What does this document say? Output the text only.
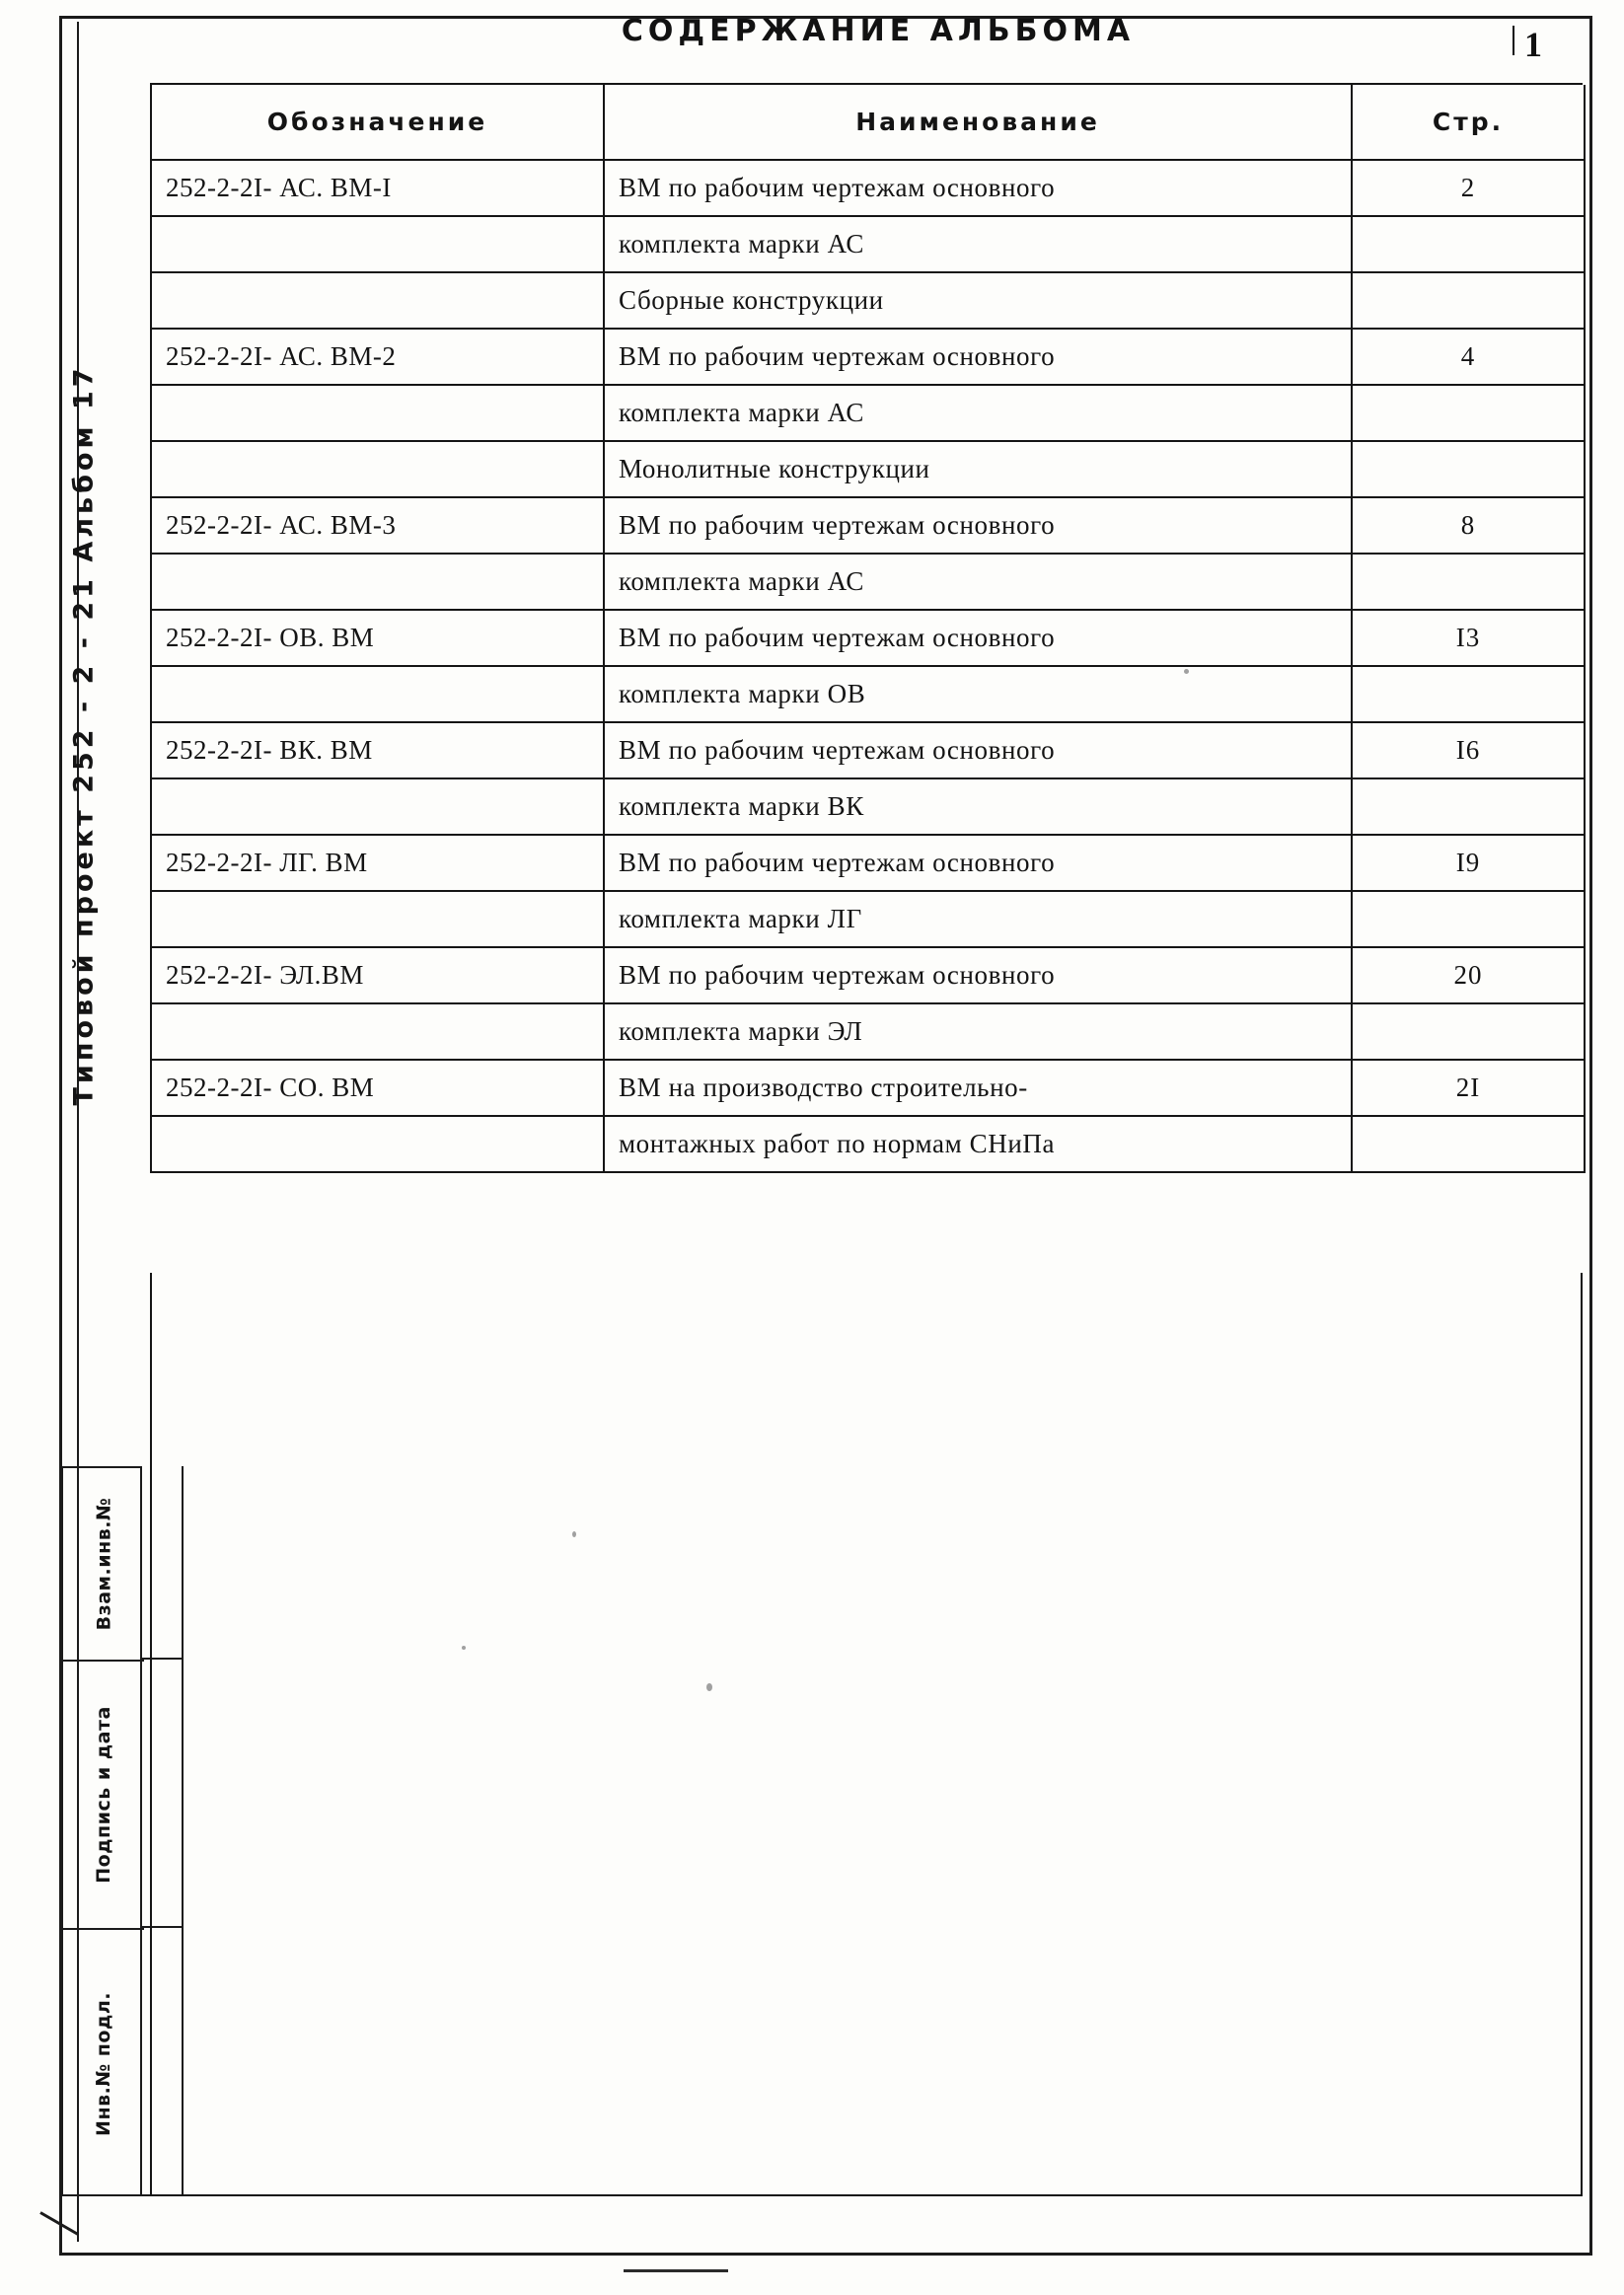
СОДЕРЖАНИЕ АЛЬБОМА	1
Типовой проект 252 - 2 - 21 Альбом 17
Взам.инв.№
Подпись и дата
Инв.№ подл.
Обозначение	Наименование	Стр.
252-2-2I- АС. ВМ-I	ВМ по рабочим чертежам основного	2
	комплекта марки АС	
	Сборные конструкции	
252-2-2I- АС. ВМ-2	ВМ по рабочим чертежам основного	4
	комплекта марки АС	
	Монолитные конструкции	
252-2-2I- АС. ВМ-3	ВМ по рабочим чертежам основного	8
	комплекта марки АС	
252-2-2I- ОВ. ВМ	ВМ по рабочим чертежам основного	I3
	комплекта марки ОВ	
252-2-2I- ВК. ВМ	ВМ по рабочим чертежам основного	I6
	комплекта марки ВК	
252-2-2I- ЛГ. ВМ	ВМ по рабочим чертежам основного	I9
	комплекта марки ЛГ	
252-2-2I- ЭЛ.ВМ	ВМ по рабочим чертежам основного	20
	комплекта марки ЭЛ	
252-2-2I- СО. ВМ	ВМ на производство строительно-	2I
	монтажных работ по нормам СНиПа	
